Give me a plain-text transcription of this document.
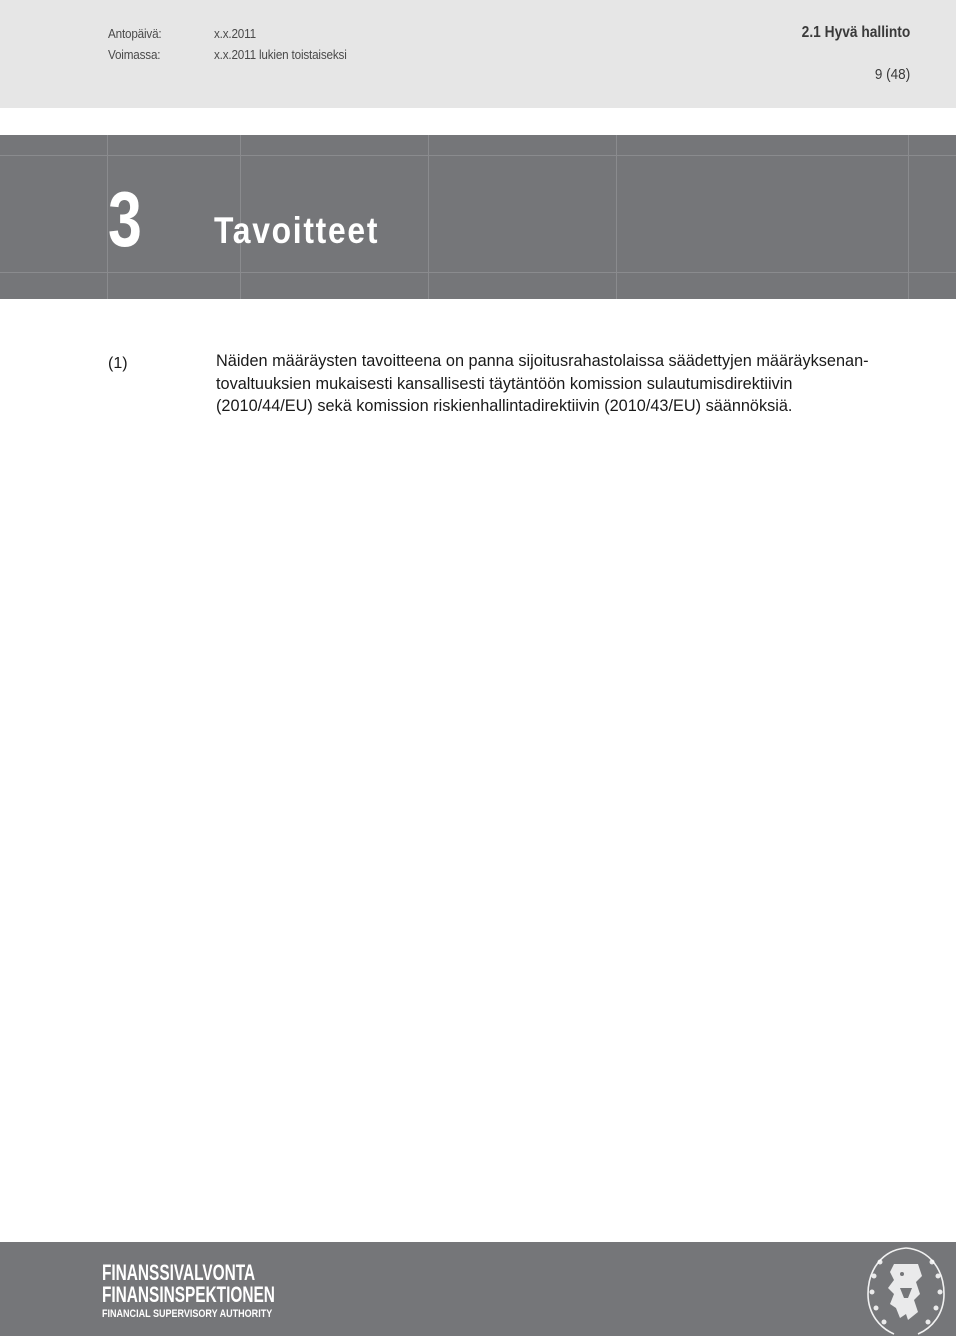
Antopäivä:	x.x.2011
Voimassa:	x.x.2011 lukien toistaiseksi
2.1 Hyvä hallinto
9 (48)
3 Tavoitteet
(1)	Näiden määräysten tavoitteena on panna sijoitusrahastolaissa säädettyjen määräyksenan-
tovaltuuksien mukaisesti kansallisesti täytäntöön komission sulautumisdirektiivin
(2010/44/EU) sekä komission riskienhallintadirektiivin (2010/43/EU) säännöksiä.
FINANSSIVALVONTA
FINANSINSPEKTIONEN
FINANCIAL SUPERVISORY AUTHORITY
